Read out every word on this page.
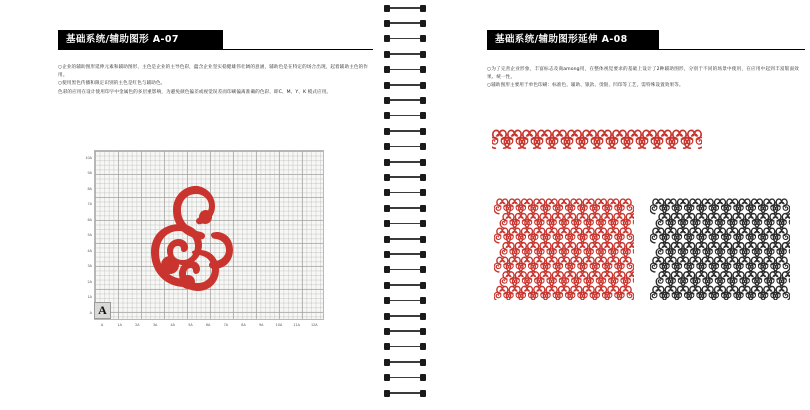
基础系统/辅助图形 A-07

○企业的辅助图形延伸元素和辅助图形，主色是企业的主导色彩，蕴含企业坚实稳健雄伟壮阔的意涵，辅助色是在特定的场合出现，起着辅助主色的作用。

○使用黑色传播和限定识别的主色是红色与辅助色。

色彩的应用在设计使用印字中金属色的多层重影响，为避免颜色偏差或视觉误差而印刷偏离准确的色彩，即C、M、Y、K 模式应用。

10A
9A
8A
7A
6A
5A
4A
3A
2A
1A
A
A	1A	2A	3A	4A	5A	6A	7A	8A	9A	10A	11A	12A
A
基础系统/辅助图形延伸 A-08

○为了完善企业形象，丰富标志及商among用，在整体视觉要求的基础上设计了2种辅助图形，分别于不同的场景中使用，在应用中起到丰富版面效果、统一性。

○辅助图形主要用于单色印刷：标准色、辅助、银款、烫银、凹印等工艺，需特殊设置效果等。
